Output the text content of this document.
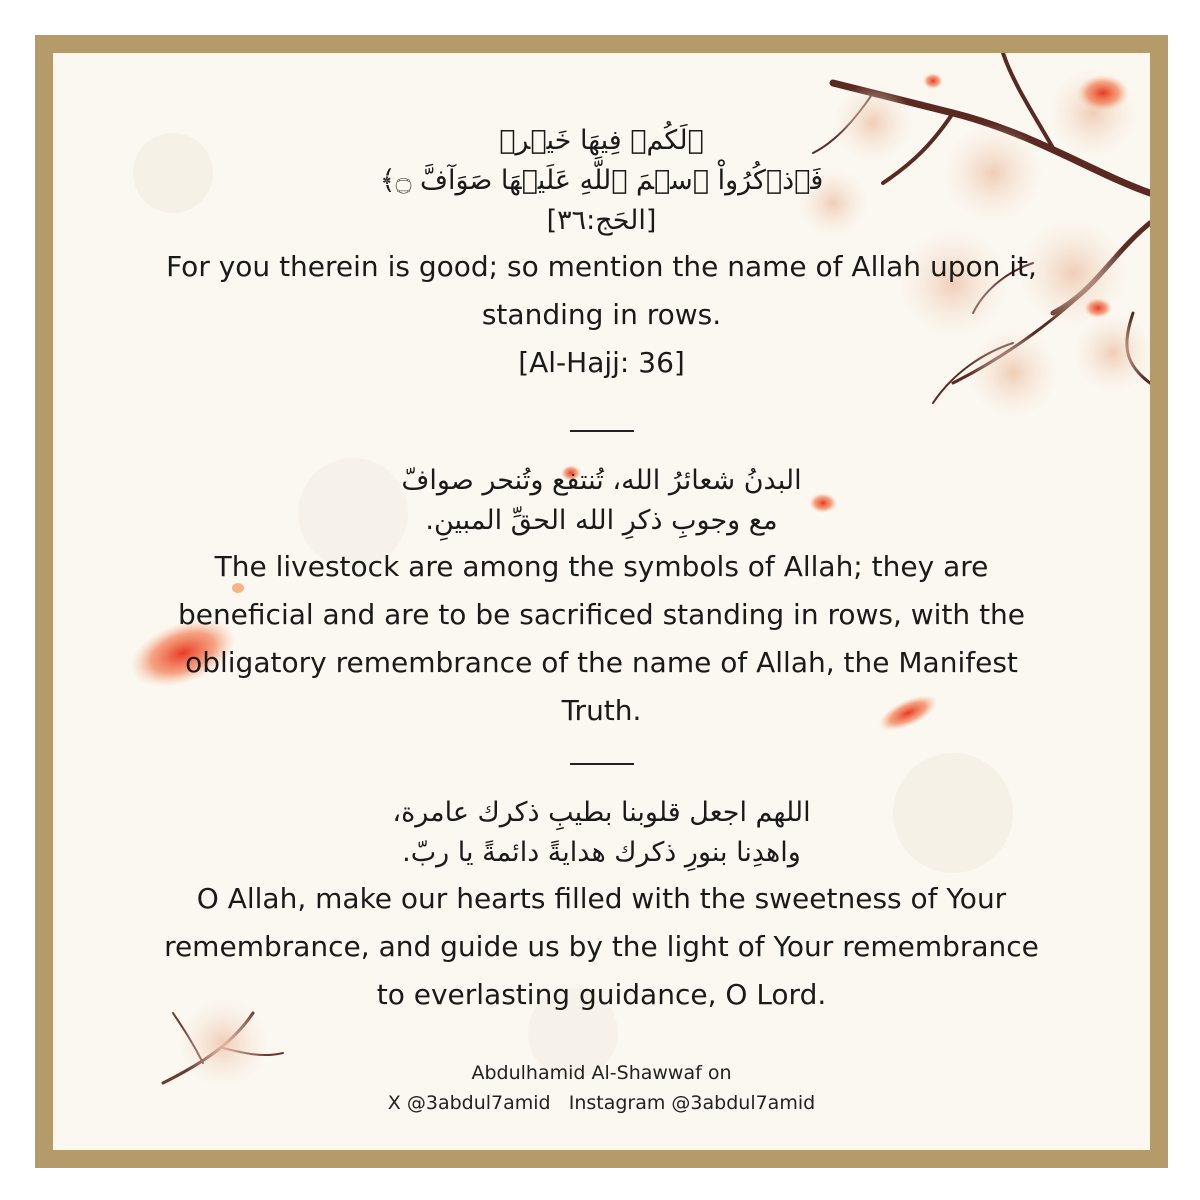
﴿لَكُمۡ فِيهَا خَيۡرٞ

فَٱذۡكُرُواْ ٱسۡمَ ٱللَّهِ عَلَيۡهَا صَوَآفَّ ۝﴾

[الحَج:٣٦]

For you therein is good; so mention the name of Allah upon it,

standing in rows.

[Al-Hajj: 36]

البدنُ شعائرُ الله، تُنتفع وتُنحر صوافّ

مع وجوبِ ذكرِ الله الحقِّ المبينِ.

The livestock are among the symbols of Allah; they are

beneficial and are to be sacrificed standing in rows, with the

obligatory remembrance of the name of Allah, the Manifest

Truth.

اللهم اجعل قلوبنا بطيبِ ذكرك عامرة،

واهدِنا بنورِ ذكرك هدايةً دائمةً يا ربّ.

O Allah, make our hearts filled with the sweetness of Your

remembrance, and guide us by the light of Your remembrance

to everlasting guidance, O Lord.

Abdulhamid Al-Shawwaf on
X @3abdul7amid   Instagram @3abdul7amid
